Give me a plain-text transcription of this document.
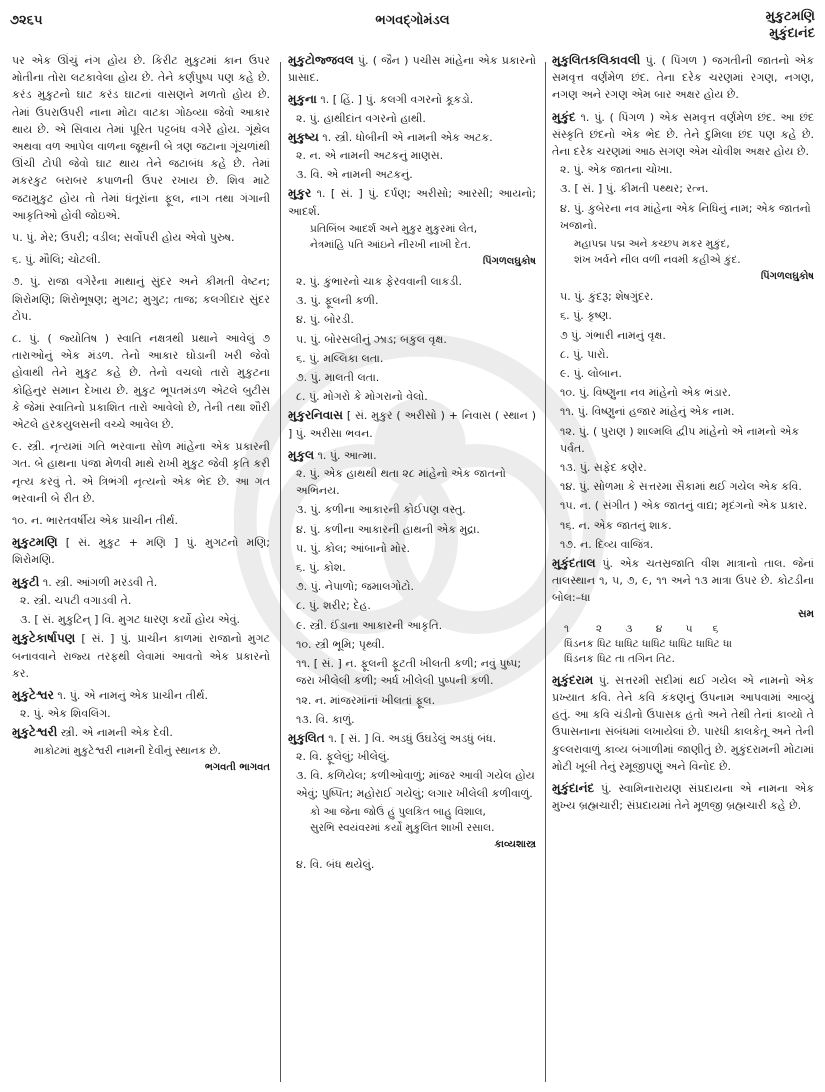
૭૨૬૫	ભગવદ્ગોમંડલ	મુકુટમણિ
મુકુંદાનંદ

પર એક ઊંચું નંગ હોય છે. કિરીટ મુકુટમાં કાન ઉપર મોતીના તોરા લટકાવેલા હોય છે. તેને કર્ણપુષ્પ પણ કહે છે. કરંડ મુકુટનો ઘાટ કરંડ ઘાટનાં વાસણને મળતો હોય છે. તેમાં ઉપરાઉપરી નાના મોટા વાટકા ગોઠવ્યા જેવો આકાર થાય છે. એ સિવાય તેમાં પૂરિત પટ્ટબંધ વગેરે હોય. ગૂંથેલ અથવા વળ આપેલ વાળના જૂથની બે ત્રણ જટાના ગૂંચળાંથી ઊંચી ટોપી જેવો ઘાટ થાય તેને જટાબંધ કહે છે. તેમાં મકરકુટ બરાબર કપાળની ઉપર રખાય છે. શિવ માટે જટામુકુટ હોય તો તેમાં ધંતૂરાંના ફૂલ, નાગ તથા ગંગાની આકૃતિઓ હોવી જોઇએ.

૫. પું. મેર; ઉપરી; વડીલ; સર્વોપરી હોય એવો પુરુષ.

૬. પું. મૌલિ; ચોટલી.

૭. પું. રાજા વગેરેના માથાનું સુંદર અને કીમતી વેષ્ટન; શિરોમણિ; શિરોભૂષણ; મુગટ; મુગુટ; તાજ; કલગીદાર સુંદર ટોપ.

૮. પું. ( જ્યોતિષ ) સ્વાતિ નક્ષત્રથી પ્રથાને આવેલું ૭ તારાઓનું એક મંડળ. તેનો આકાર ઘોડાની ખરી જેવો હોવાથી તેને મુકુટ કહે છે. તેનો વચલો તારો મુકુટના કોહિનુર સમાન દેખાય છે. મુકુટ ભૂપતમંડળ એટલે બુટીસ કે જેમાં સ્વાતિનો પ્રકાશિત તારો આવેલો છે, તેની તથા શૌરી એટલે હરકયુલસની વચ્ચે આવેલ છે.

૯. સ્ત્રી. નૃત્યમાં ગતિ ભરવાના સોળ માંહેના એક પ્રકારની ગત. બે હાથના પંજા મેળવી માથે રાખી મુકુટ જેવી કૃતિ કરી નૃત્ય કરવું તે. એ ત્રિભંગી નૃત્યનો એક ભેદ છે. આ ગત ભરવાની બે રીત છે.

૧૦. ન. ભારતવર્ષીય એક પ્રાચીન તીર્થ.

મુકુટમણિ [ સં. મુકુટ + મણિ ] પું. મુગટનો મણિ; શિરોમણિ.

મુકુટી ૧. સ્ત્રી. આંગળી મરડવી તે.

૨. સ્ત્રી. ચપટી વગાડવી તે.

૩. [ સં. મુકુટિન્ ] વિ. મુગટ ધારણ કર્યો હોય એવું.

મુકુટેકાર્ષાપણ [ સં. ] પું. પ્રાચીન કાળમાં રાજાનો મુગટ બનાવવાને રાજ્ય તરફથી લેવામાં આવતો એક પ્રકારનો કર.

મુકુટેશ્વર ૧. પું. એ નામનું એક પ્રાચીન તીર્થ.

૨. પું. એક શિવલિંગ.

મુકુટેશ્વરી સ્ત્રી. એ નામની એક દેવી.

માકોટમાં મુકુટેશ્વરી નામની દેવીનું સ્થાનક છે.

ભગવતી ભાગવત

મુકુટોજ્જવલ પું. ( જૈન ) પચીસ માંહેના એક પ્રકારનો પ્રાસાદ.

મુકુના ૧. [ હિં. ] પું. કલગી વગરનો કૂકડો.

૨. પું. હાથીદાંત વગરનો હાથી.

મુકુષ્ય ૧. સ્ત્રી. ધોબીની એ નામની એક અટક.

૨. ન. એ નામની અટકનું માણસ.

૩. વિ. એ નામની અટકનું.

મુકુર ૧. [ સં. ] પું. દર્પણ; અરીસો; આરસી; આયનો; આદર્શ.

પ્રતિબિંબ આદર્શ અને મુકુર મુકુરમાં લેત,

નેત્રમાંહિ પતિ આંઇને નીરખી નાખી દેત.

પિંગળલઘુકોષ

૨. પું. કુંભારનો ચાક ફેરવવાની લાકડી.

૩. પું. ફૂલની કળી.

૪. પું. બોરડી.

૫. પું. બોરસલીનું ઝાડ; બકુલ વૃક્ષ.

૬. પું. મલ્લિકા લતા.

૭. પું. માલતી લતા.

૮. પું. મોગરો કે મોગરાનો વેલો.

મુકુરનિવાસ [ સં. મુકુર ( અરીસો ) + નિવાસ ( સ્થાન ) ] પું. અરીસા ભવન.

મુકુલ ૧. પું. આત્મા.

૨. પું. એક હાથથી થતા ૨૮ માંહેનો એક જાતનો અભિનય.

૩. પું. કળીના આકારની કોઈપણ વસ્તુ.

૪. પું. કળીના આકારની હાથની એક મુદ્રા.

૫. પું. કોલ; આંબાનો મોર.

૬. પું. કોશ.

૭. પું. નેપાળો; જમાલગોટો.

૮. પું. શરીર; દેહ.

૯. સ્ત્રી. ઈંડાના આકારની આકૃતિ.

૧૦. સ્ત્રી ભૂમિ; પૃથ્વી.

૧૧. [ સં. ] ન. ફૂલની ફૂટતી ખીલતી કળી; નવું પુષ્પ; જરા ખીલેલી કળી; અર્ધ ખીલેલી પુષ્પની કળી.

૧૨. ન. માંજરમાંનાં ખીલતાં ફૂલ.

૧૩. વિ. કાળું.

મુકુલિત ૧. [ સં. ] વિ. અડધું ઉઘડેલું અડધું બંધ.

૨. વિ. ફૂલેલું; ખીલેલું.

૩. વિ. કળિયેલ; કળીઓવાળું; માંજર આવી ગયેલ હોય એવું; પુષ્પિત; મહોરાઈ ગયેલું; લગાર ખીલેલી કળીવાળું.

કો આ જેના જોઉં હું પુલકિત બાહુ વિશાલ,

સુરભિ સ્વયંવરમાં કર્યો મુકુલિત શાખી રસાલ.

કાવ્યશાસ્ત્ર

૪. વિ. બંધ થયેલું.

મુકુલિતકલિકાવલી પું. ( પિંગળ ) જગતીની જાતનો એક સમવૃત્ત વર્ણમેળ છંદ. તેના દરેક ચરણમાં રગણ, નગણ, નગણ અને રગણ એમ બાર અક્ષર હોય છે.

મુકુંદ ૧. પું. ( પિંગળ ) એક સમવૃત્ત વર્ણમેળ છંદ. આ છંદ સંસ્કૃતિ છંદનો એક ભેદ છે. તેને દુમિલા છંદ પણ કહે છે. તેના દરેક ચરણમાં આઠ સગણ એમ ચોવીશ અક્ષર હોય છે.

૨. પું. એક જાતના ચોખા.

૩. [ સં. ] પું. કીમતી પથ્થર; રત્ન.

૪. પું. કુબેરના નવ માંહેના એક નિધિનું નામ; એક જાતનો ખજાનો.

મહાપદ્મ પદ્મ અને કચ્છપ મકર મુકુંદ,

શંખ ખર્વને નીલ વળી નવમી કહીએ કુંદ.

પિંગળલઘુકોષ

૫. પું. કુંદરૂ; શેષગુંદર.

૬. પું. કૃષ્ણ.

૭ પું. ગંભારી નામનું વૃક્ષ.

૮. પું. પારો.

૯. પું. લોબાન.

૧૦. પું. વિષ્ણુના નવ માંહેનો એક ભંડાર.

૧૧. પું. વિષ્ણુનાં હજાર માંહેનું એક નામ.

૧૨. પું. ( પુરાણ ) શાલ્મલિ દ્વીપ માંહેનો એ નામનો એક પર્વત.

૧૩. પું. સફેદ કણેર.

૧૪. પું. સોળમા કે સત્તરમા સૈકામાં થઈ ગયેલ એક કવિ.

૧૫. ન. ( સંગીત ) એક જાતનું વાદ્ય; મૃદંગનો એક પ્રકાર.

૧૬. ન. એક જાતનું શાક.

૧૭. ન. દિવ્ય વાજિંત્ર.

મુકુંદતાલ પું. એક ચતસ્રજાતિ વીશ માત્રાનો તાલ. જેનાં તાલસ્થાન ૧, ૫, ૭, ૯, ૧૧ અને ૧૩ માત્રા ઉપર છે. કોટડીના બોલ:–ધા

સમ

૧        ૨       ૩       ૪       ૫      ૬

ધિંડનક ધિટ ધાધિટ ધાધિટ ધાધિટ ધાધિટ ધા

ધિંડનક ધિટ તા તગિન તિટ.

મુકુંદરામ પું. સત્તરમી સદીમાં થઈ ગયેલ એ નામનો એક પ્રખ્યાત કવિ. તેને કવિ કંકણનું ઉપનામ આપવામાં આવ્યું હતું. આ કવિ ચંડીનો ઉપાસક હતો અને તેથી તેનાં કાવ્યો તે ઉપાસનાના સંબંધમાં લખાયેલાં છે. પારધી કાલકેતૂ અને તેની કુલ્લરાવાળું કાવ્ય બંગાળીમાં જાણીતું છે. મુકુંદરામની મોટામાં મોટી ખૂબી તેનું રમૂજીપણું અને વિનોદ છે.

મુકુંદાનંદ પું. સ્વામિનારાયણ સંપ્રદાયના એ નામના એક મુખ્ય બ્રહ્મચારી; સંપ્રદાયમાં તેને મૂળજી બ્રહ્મચારી કહે છે.
